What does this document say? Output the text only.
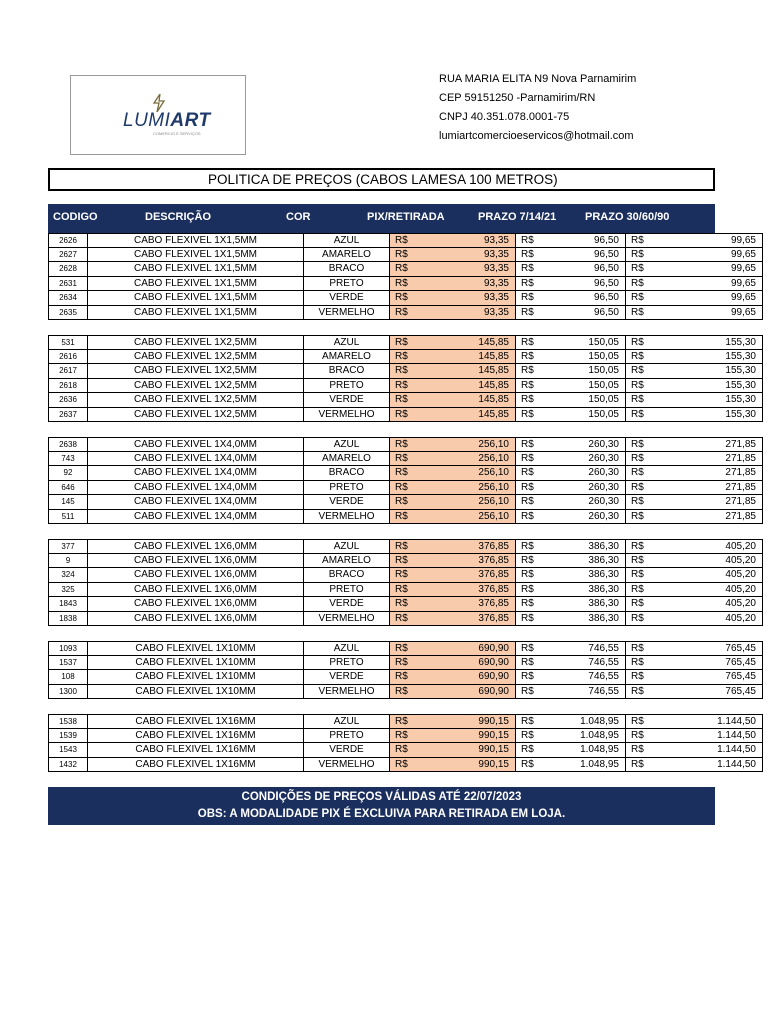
LUMIART
COMERCIO E SERVIÇOS
RUA MARIA ELITA N9 Nova Parnamirim
CEP 59151250 -Parnamirim/RN
CNPJ 40.351.078.0001-75
lumiartcomercioeservicos@hotmail.com
POLITICA DE PREÇOS (CABOS LAMESA 100 METROS)
CODIGO	DESCRIÇÃO	COR	PIX/RETIRADA	PRAZO 7/14/21	PRAZO 30/60/90
2626	CABO FLEXIVEL 1X1,5MM	AZUL	R$	93,35 R$	96,50 R$	99,65
2627	CABO FLEXIVEL 1X1,5MM	AMARELO	R$	93,35 R$	96,50 R$	99,65
2628	CABO FLEXIVEL 1X1,5MM	BRACO	R$	93,35 R$	96,50 R$	99,65
2631	CABO FLEXIVEL 1X1,5MM	PRETO	R$	93,35 R$	96,50 R$	99,65
2634	CABO FLEXIVEL 1X1,5MM	VERDE	R$	93,35 R$	96,50 R$	99,65
2635	CABO FLEXIVEL 1X1,5MM	VERMELHO	R$	93,35 R$	96,50 R$	99,65
531	CABO FLEXIVEL 1X2,5MM	AZUL	R$	145,85 R$	150,05 R$	155,30
2616	CABO FLEXIVEL 1X2,5MM	AMARELO	R$	145,85 R$	150,05 R$	155,30
2617	CABO FLEXIVEL 1X2,5MM	BRACO	R$	145,85 R$	150,05 R$	155,30
2618	CABO FLEXIVEL 1X2,5MM	PRETO	R$	145,85 R$	150,05 R$	155,30
2636	CABO FLEXIVEL 1X2,5MM	VERDE	R$	145,85 R$	150,05 R$	155,30
2637	CABO FLEXIVEL 1X2,5MM	VERMELHO	R$	145,85 R$	150,05 R$	155,30
2638	CABO FLEXIVEL 1X4,0MM	AZUL	R$	256,10 R$	260,30 R$	271,85
743	CABO FLEXIVEL 1X4,0MM	AMARELO	R$	256,10 R$	260,30 R$	271,85
92	CABO FLEXIVEL 1X4,0MM	BRACO	R$	256,10 R$	260,30 R$	271,85
646	CABO FLEXIVEL 1X4,0MM	PRETO	R$	256,10 R$	260,30 R$	271,85
145	CABO FLEXIVEL 1X4,0MM	VERDE	R$	256,10 R$	260,30 R$	271,85
511	CABO FLEXIVEL 1X4,0MM	VERMELHO	R$	256,10 R$	260,30 R$	271,85
377	CABO FLEXIVEL 1X6,0MM	AZUL	R$	376,85 R$	386,30 R$	405,20
9	CABO FLEXIVEL 1X6,0MM	AMARELO	R$	376,85 R$	386,30 R$	405,20
324	CABO FLEXIVEL 1X6,0MM	BRACO	R$	376,85 R$	386,30 R$	405,20
325	CABO FLEXIVEL 1X6,0MM	PRETO	R$	376,85 R$	386,30 R$	405,20
1843	CABO FLEXIVEL 1X6,0MM	VERDE	R$	376,85 R$	386,30 R$	405,20
1838	CABO FLEXIVEL 1X6,0MM	VERMELHO	R$	376,85 R$	386,30 R$	405,20
1093	CABO FLEXIVEL 1X10MM	AZUL	R$	690,90 R$	746,55 R$	765,45
1537	CABO FLEXIVEL 1X10MM	PRETO	R$	690,90 R$	746,55 R$	765,45
108	CABO FLEXIVEL 1X10MM	VERDE	R$	690,90 R$	746,55 R$	765,45
1300	CABO FLEXIVEL 1X10MM	VERMELHO	R$	690,90 R$	746,55 R$	765,45
1538	CABO FLEXIVEL 1X16MM	AZUL	R$	990,15 R$	1.048,95 R$	1.144,50
1539	CABO FLEXIVEL 1X16MM	PRETO	R$	990,15 R$	1.048,95 R$	1.144,50
1543	CABO FLEXIVEL 1X16MM	VERDE	R$	990,15 R$	1.048,95 R$	1.144,50
1432	CABO FLEXIVEL 1X16MM	VERMELHO	R$	990,15 R$	1.048,95 R$	1.144,50
CONDIÇÕES DE PREÇOS VÁLIDAS ATÉ 22/07/2023
OBS: A MODALIDADE PIX É EXCLUIVA PARA RETIRADA EM LOJA.
